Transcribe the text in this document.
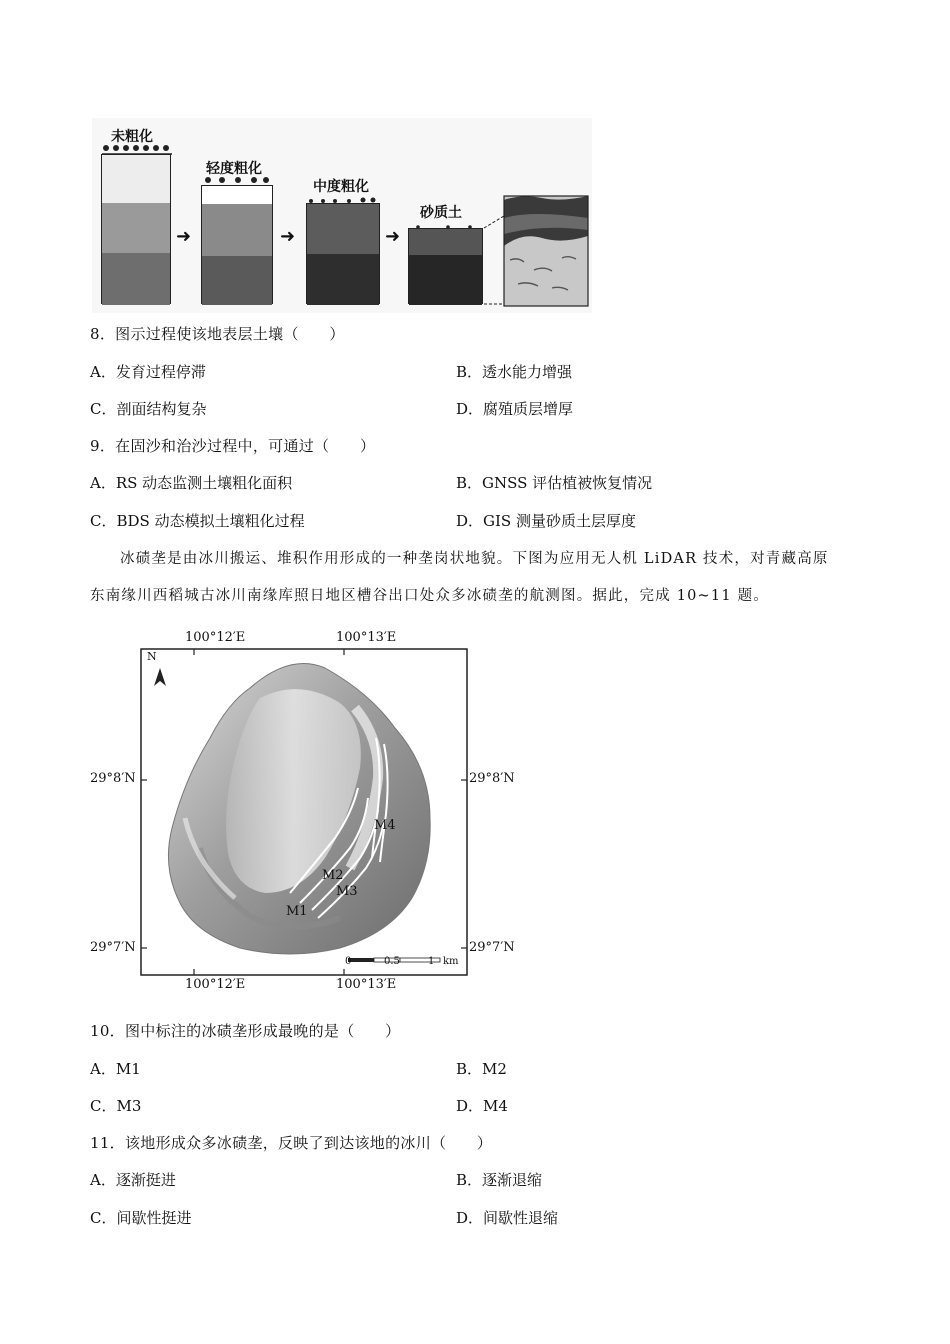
未粗化
➜
轻度粗化
➜
中度粗化
➜
砂质土
8．图示过程使该地表层土壤（　　）
A．发育过程停滞	B．透水能力增强
C．剖面结构复杂	D．腐殖质层增厚
9．在固沙和治沙过程中，可通过（　　）
A．RS 动态监测土壤粗化面积	B．GNSS 评估植被恢复情况
C．BDS 动态模拟土壤粗化过程	D．GIS 测量砂质土层厚度
冰碛垄是由冰川搬运、堆积作用形成的一种垄岗状地貌。下图为应用无人机 LiDAR 技术，对青藏高原
东南缘川西稻城古冰川南缘库照日地区槽谷出口处众多冰碛垄的航测图。据此，完成 10~11 题。
100°12′E	100°13′E
100°12′E	100°13′E
29°8′N
29°7′N
29°8′N
29°7′N
N
M1
M2
M3
M4
0	0.5	1 km
10．图中标注的冰碛垄形成最晚的是（　　）
A．M1	B．M2
C．M3	D．M4
11．该地形成众多冰碛垄，反映了到达该地的冰川（　　）
A．逐渐挺进	B．逐渐退缩
C．间歇性挺进	D．间歇性退缩
